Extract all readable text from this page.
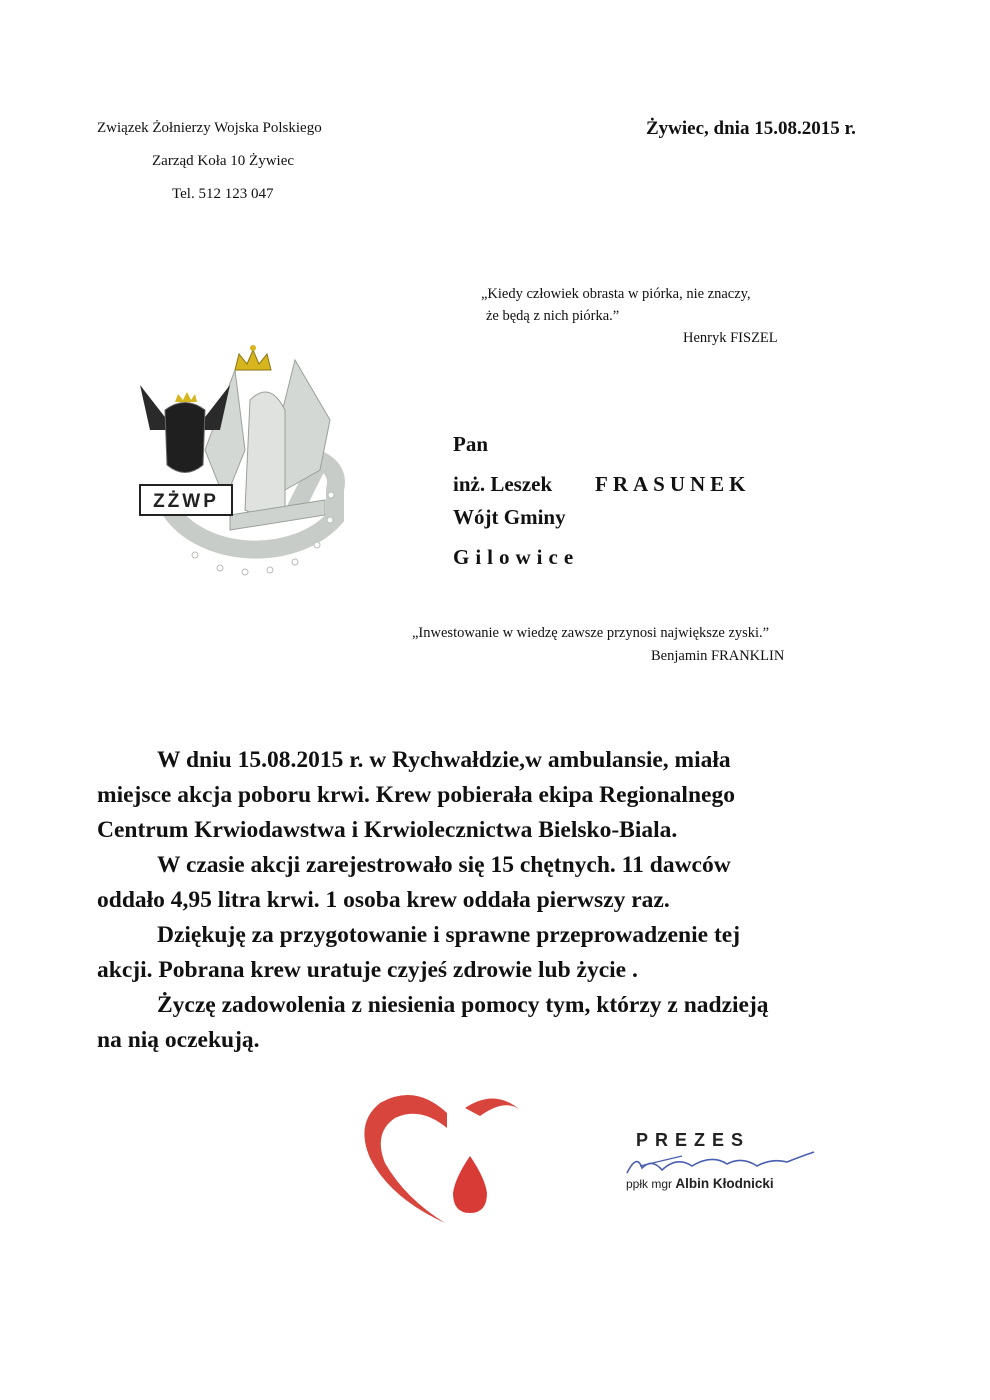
Związek Żołnierzy Wojska Polskiego
Zarząd Koła 10 Żywiec
Tel. 512 123 047
Żywiec, dnia 15.08.2015 r.
„Kiedy człowiek obrasta w piórka, nie znaczy,
że będą z nich piórka.”
Henryk FISZEL
ZŻWP
Pan
inż. Leszek FRASUNEK
Wójt Gminy
Gilowice
„Inwestowanie w wiedzę zawsze przynosi największe zyski.”
Benjamin FRANKLIN

W dniu 15.08.2015 r. w Rychwałdzie,w ambulansie, miała

miejsce akcja poboru krwi. Krew pobierała ekipa Regionalnego

Centrum Krwiodawstwa i Krwiolecznictwa Bielsko-Biala.

W czasie akcji zarejestrowało się 15 chętnych. 11 dawców

oddało 4,95 litra krwi. 1 osoba krew oddała pierwszy raz.

Dziękuję za przygotowanie i sprawne przeprowadzenie tej

akcji. Pobrana krew uratuje czyjeś zdrowie lub życie .

Życzę zadowolenia z niesienia pomocy tym, którzy z nadzieją

na nią oczekują.

PREZES
ppłk mgr Albin Kłodnicki
